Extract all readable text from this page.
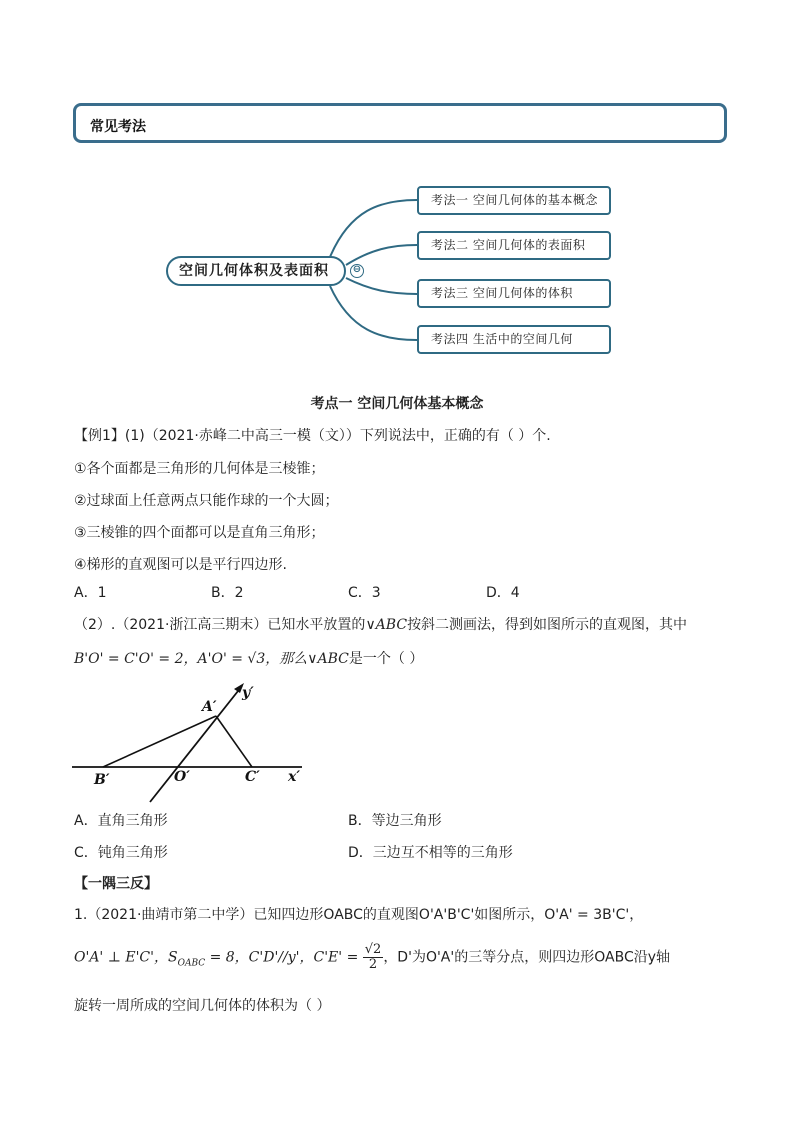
常见考法
空间几何体积及表面积	⊖
考法一 空间几何体的基本概念
考法二 空间几何体的表面积
考法三 空间几何体的体积
考法四 生活中的空间几何
考点一 空间几何体基本概念
【例1】(1)（2021·赤峰二中高三一模（文））下列说法中，正确的有（ ）个.
①各个面都是三角形的几何体是三棱锥；
②过球面上任意两点只能作球的一个大圆；
③三棱锥的四个面都可以是直角三角形；
④梯形的直观图可以是平行四边形.
A．1	B．2	C．3	D．4
（2）.（2021·浙江高三期末）已知水平放置的∨ABC按斜二测画法，得到如图所示的直观图，其中
B'O' = C'O' = 2，A'O' = √3，那么∨ABC是一个（ ）
A′
B′	O′	C′ x′
y′
A．直角三角形	B．等边三角形
C．钝角三角形	D．三边互不相等的三角形
【一隅三反】
1.（2021·曲靖市第二中学）已知四边形OABC的直观图O'A'B'C'如图所示，O'A' = 3B'C'，
O'A' ⊥ E'C'，$S_{OABC} = 8$，C'D'//y'，$C'E' = \frac{√2}{2}$ ，D'为O'A'的三等分点，则四边形OABC沿y轴
旋转一周所成的空间几何体的体积为（ ）
